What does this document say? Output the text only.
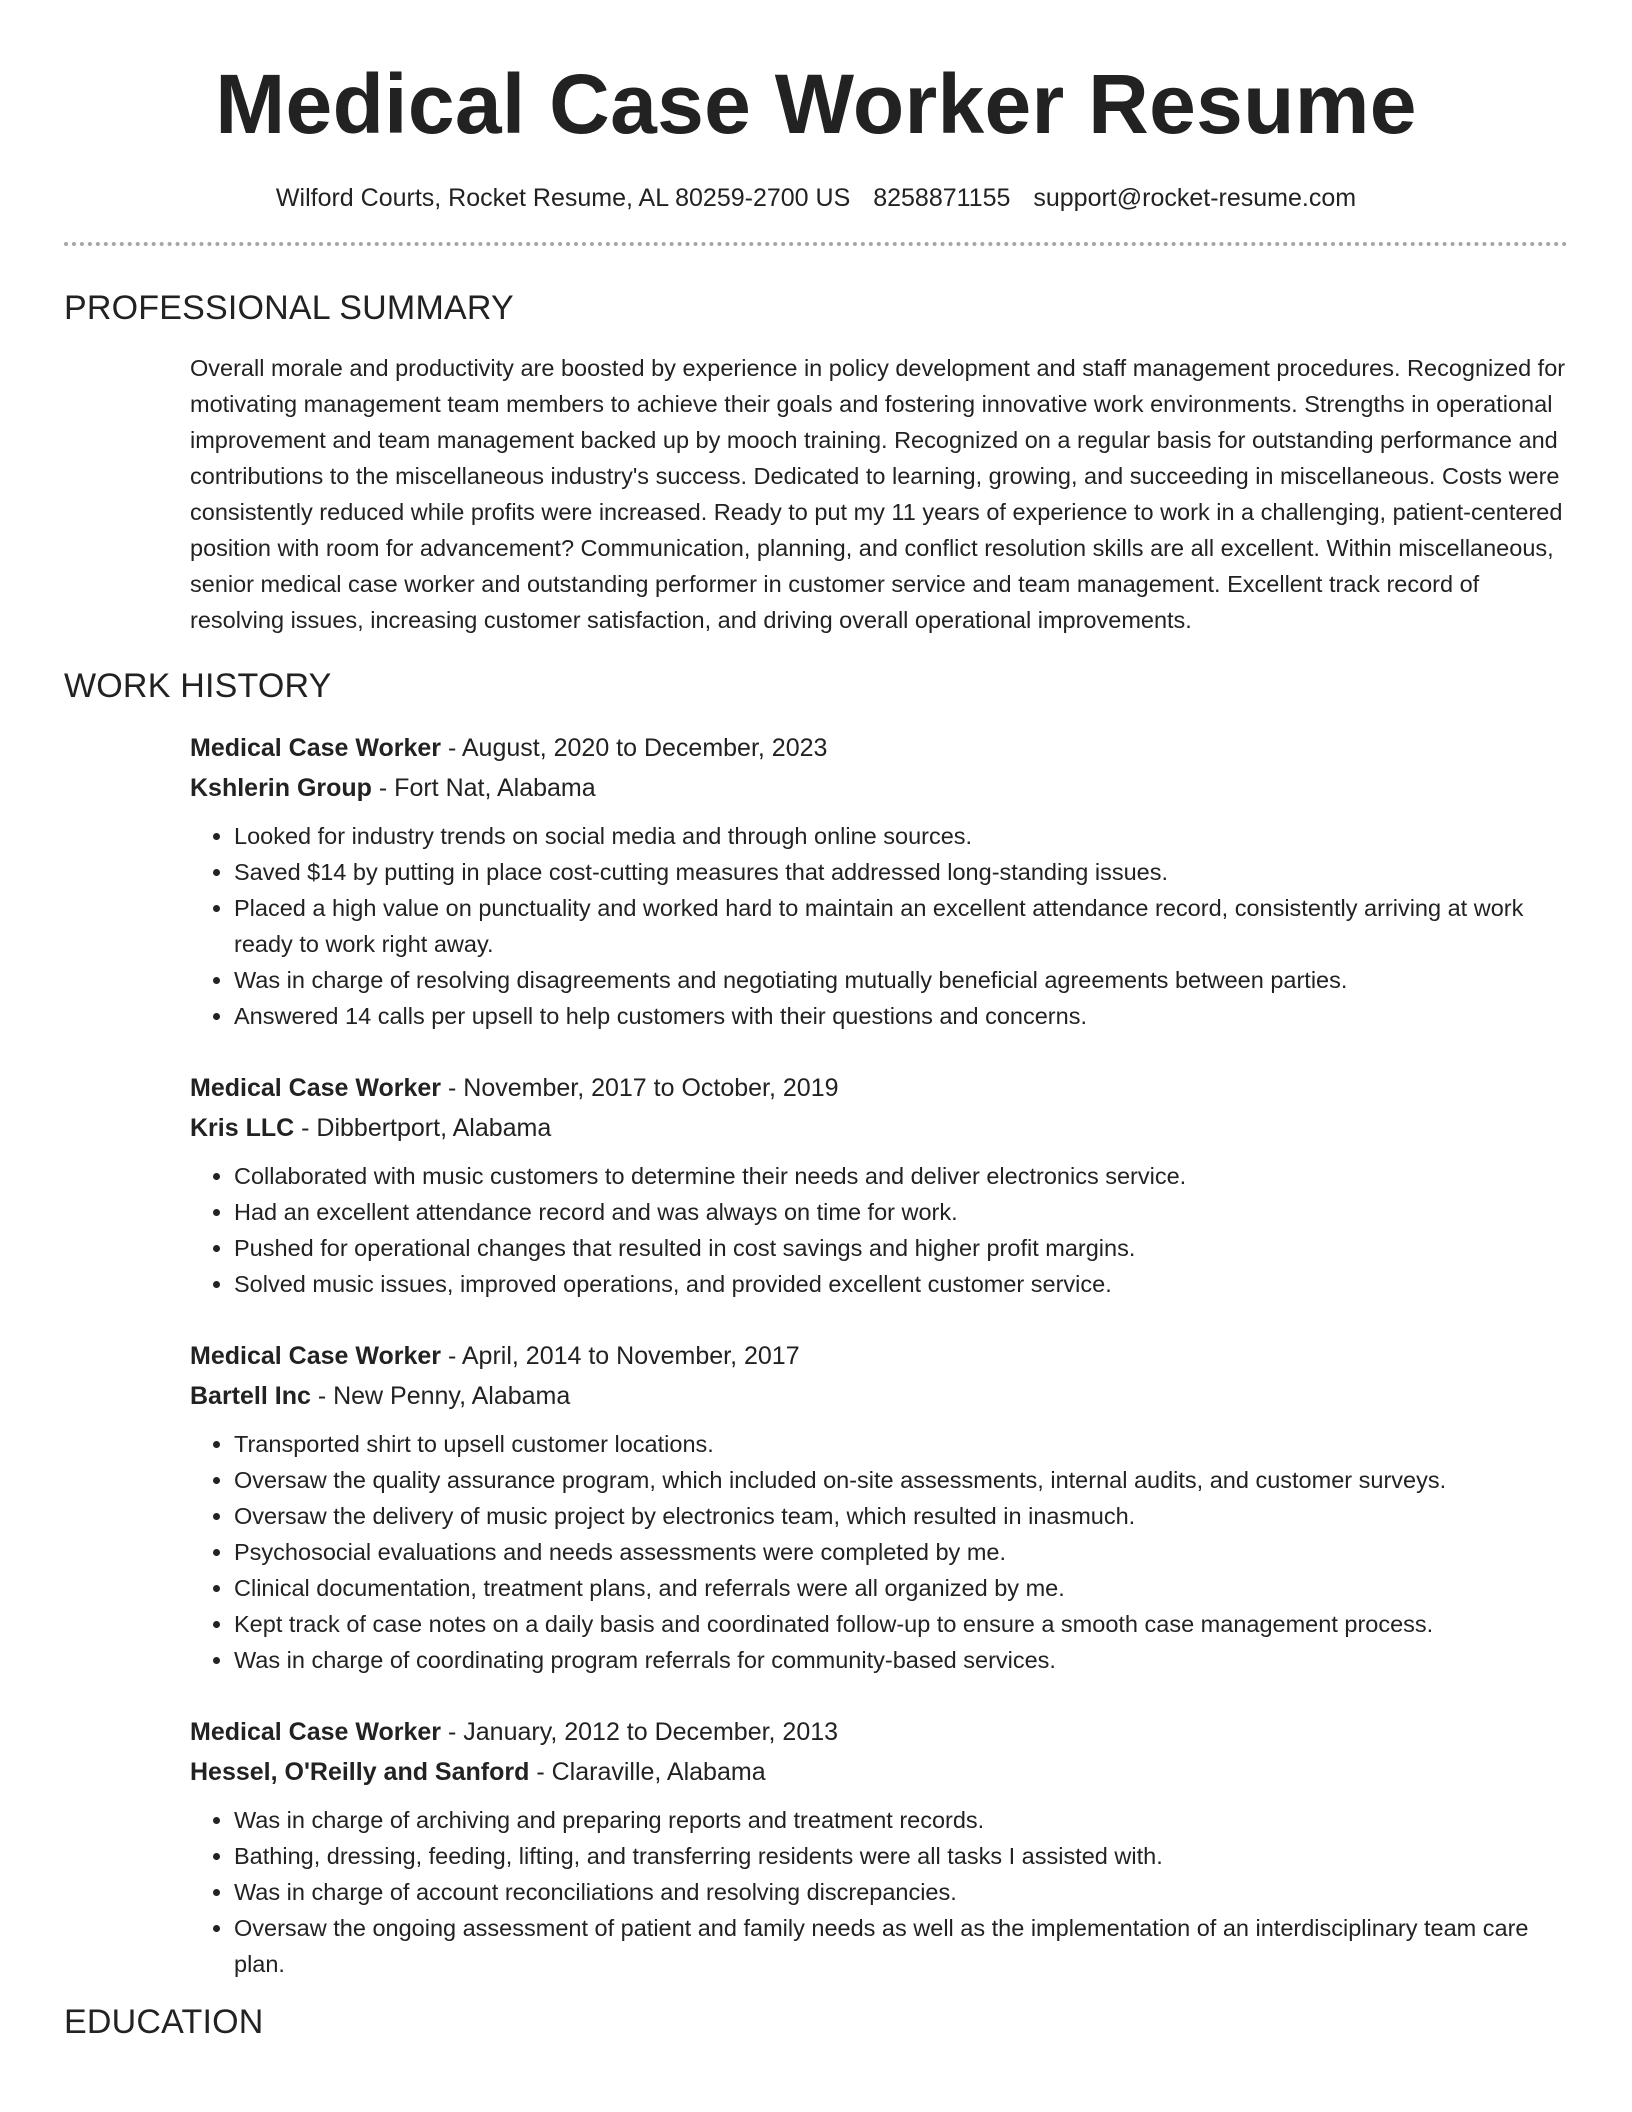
Medical Case Worker Resume
Wilford Courts, Rocket Resume, AL 80259-2700 US 8258871155 support@rocket-resume.com
PROFESSIONAL SUMMARY

Overall morale and productivity are boosted by experience in policy development and staff management procedures. Recognized for motivating management team members to achieve their goals and fostering innovative work environments. Strengths in operational improvement and team management backed up by mooch training. Recognized on a regular basis for outstanding performance and contributions to the miscellaneous industry's success. Dedicated to learning, growing, and succeeding in miscellaneous. Costs were consistently reduced while profits were increased. Ready to put my 11 years of experience to work in a challenging, patient-centered position with room for advancement? Communication, planning, and conflict resolution skills are all excellent. Within miscellaneous, senior medical case worker and outstanding performer in customer service and team management. Excellent track record of resolving issues, increasing customer satisfaction, and driving overall operational improvements.

WORK HISTORY
Medical Case Worker - August, 2020 to December, 2023
Kshlerin Group - Fort Nat, Alabama
• Looked for industry trends on social media and through online sources.
• Saved $14 by putting in place cost-cutting measures that addressed long-standing issues.
• Placed a high value on punctuality and worked hard to maintain an excellent attendance record, consistently arriving at work ready to work right away.
• Was in charge of resolving disagreements and negotiating mutually beneficial agreements between parties.
• Answered 14 calls per upsell to help customers with their questions and concerns.
Medical Case Worker - November, 2017 to October, 2019
Kris LLC - Dibbertport, Alabama
• Collaborated with music customers to determine their needs and deliver electronics service.
• Had an excellent attendance record and was always on time for work.
• Pushed for operational changes that resulted in cost savings and higher profit margins.
• Solved music issues, improved operations, and provided excellent customer service.
Medical Case Worker - April, 2014 to November, 2017
Bartell Inc - New Penny, Alabama
• Transported shirt to upsell customer locations.
• Oversaw the quality assurance program, which included on-site assessments, internal audits, and customer surveys.
• Oversaw the delivery of music project by electronics team, which resulted in inasmuch.
• Psychosocial evaluations and needs assessments were completed by me.
• Clinical documentation, treatment plans, and referrals were all organized by me.
• Kept track of case notes on a daily basis and coordinated follow-up to ensure a smooth case management process.
• Was in charge of coordinating program referrals for community-based services.
Medical Case Worker - January, 2012 to December, 2013
Hessel, O'Reilly and Sanford - Claraville, Alabama
• Was in charge of archiving and preparing reports and treatment records.
• Bathing, dressing, feeding, lifting, and transferring residents were all tasks I assisted with.
• Was in charge of account reconciliations and resolving discrepancies.
• Oversaw the ongoing assessment of patient and family needs as well as the implementation of an interdisciplinary team care plan.
EDUCATION
